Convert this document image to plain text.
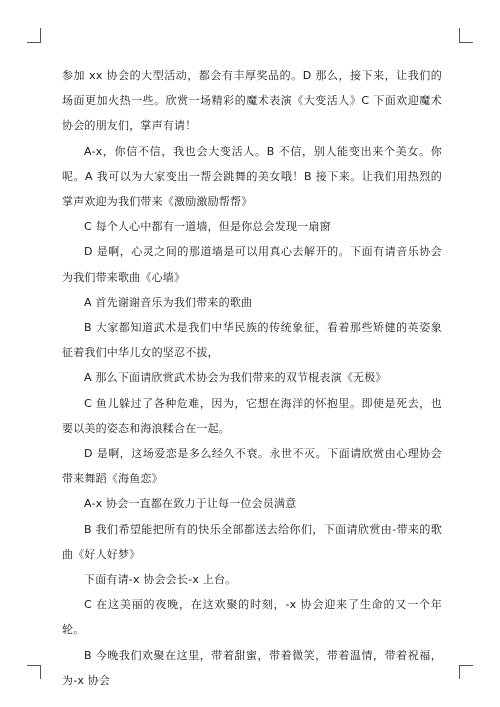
参加 xx 协会的大型活动，都会有丰厚奖品的。D 那么，接下来，让我们的场面更加火热一些。欣赏一场精彩的魔术表演《大变活人》C 下面欢迎魔术协会的朋友们，掌声有请！

A-x，你信不信，我也会大变活人。B 不信，别人能变出来个美女。你呢。A 我可以为大家变出一帮会跳舞的美女哦！B 接下来。让我们用热烈的掌声欢迎为我们带来《激励激励帮帮》

C 每个人心中都有一道墙，但是你总会发现一扇窗

D 是啊，心灵之间的那道墙是可以用真心去解开的。下面有请音乐协会为我们带来歌曲《心墙》

A 首先谢谢音乐为我们带来的歌曲

B 大家都知道武术是我们中华民族的传统象征，看着那些矫健的英姿象征着我们中华儿女的坚忍不拔，

A 那么下面请欣赏武术协会为我们带来的双节棍表演《无极》

C 鱼儿躲过了各种危难，因为，它想在海洋的怀抱里。即使是死去，也要以美的姿态和海浪糅合在一起。

D 是啊，这场爱恋是多么经久不衰。永世不灭。下面请欣赏由心理协会带来舞蹈《海鱼恋》

A-x 协会一直都在致力于让每一位会员满意

B 我们希望能把所有的快乐全部都送去给你们，下面请欣赏由-带来的歌曲《好人好梦》

下面有请-x 协会会长-x 上台。

C 在这美丽的夜晚，在这欢聚的时刻，-x 协会迎来了生命的又一个年轮。

B 今晚我们欢聚在这里，带着甜蜜，带着微笑，带着温情，带着祝福，为-x 协会
